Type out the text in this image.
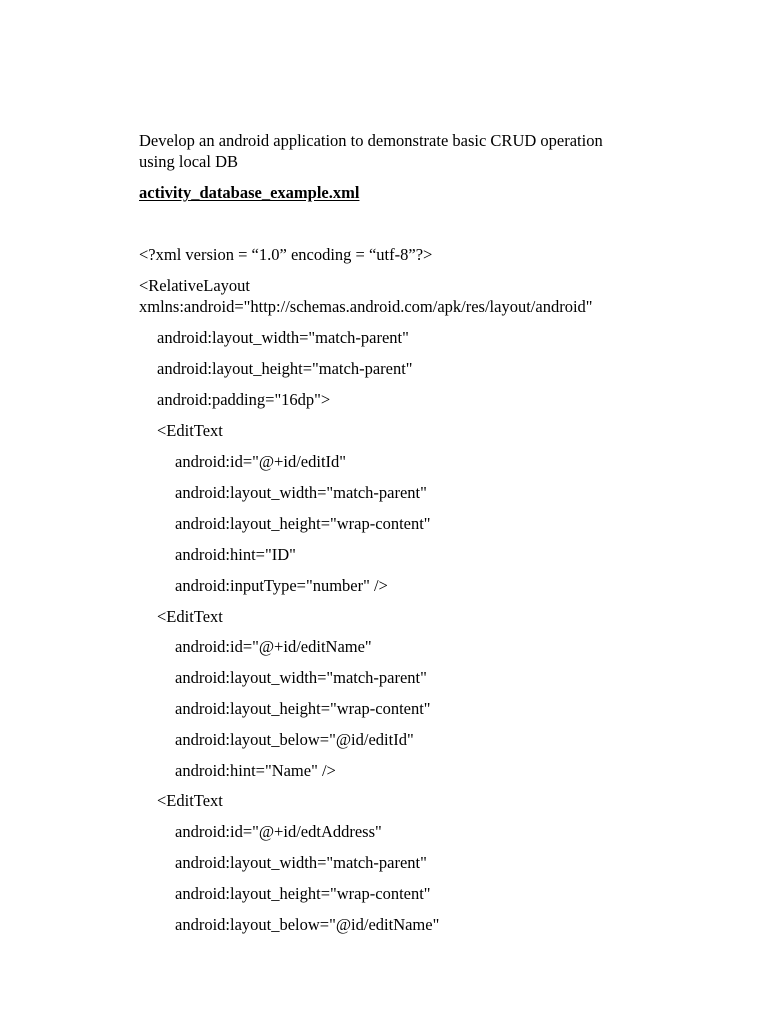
Develop an android application to demonstrate basic CRUD operation
using local DB
activity_database_example.xml
<?xml version = “1.0” encoding = “utf-8”?>
<RelativeLayout
xmlns:android="http://schemas.android.com/apk/res/layout/android"
android:layout_width="match-parent"
android:layout_height="match-parent"
android:padding="16dp">
<EditText
android:id="@+id/editId"
android:layout_width="match-parent"
android:layout_height="wrap-content"
android:hint="ID"
android:inputType="number" />
<EditText
android:id="@+id/editName"
android:layout_width="match-parent"
android:layout_height="wrap-content"
android:layout_below="@id/editId"
android:hint="Name" />
<EditText
android:id="@+id/edtAddress"
android:layout_width="match-parent"
android:layout_height="wrap-content"
android:layout_below="@id/editName"
